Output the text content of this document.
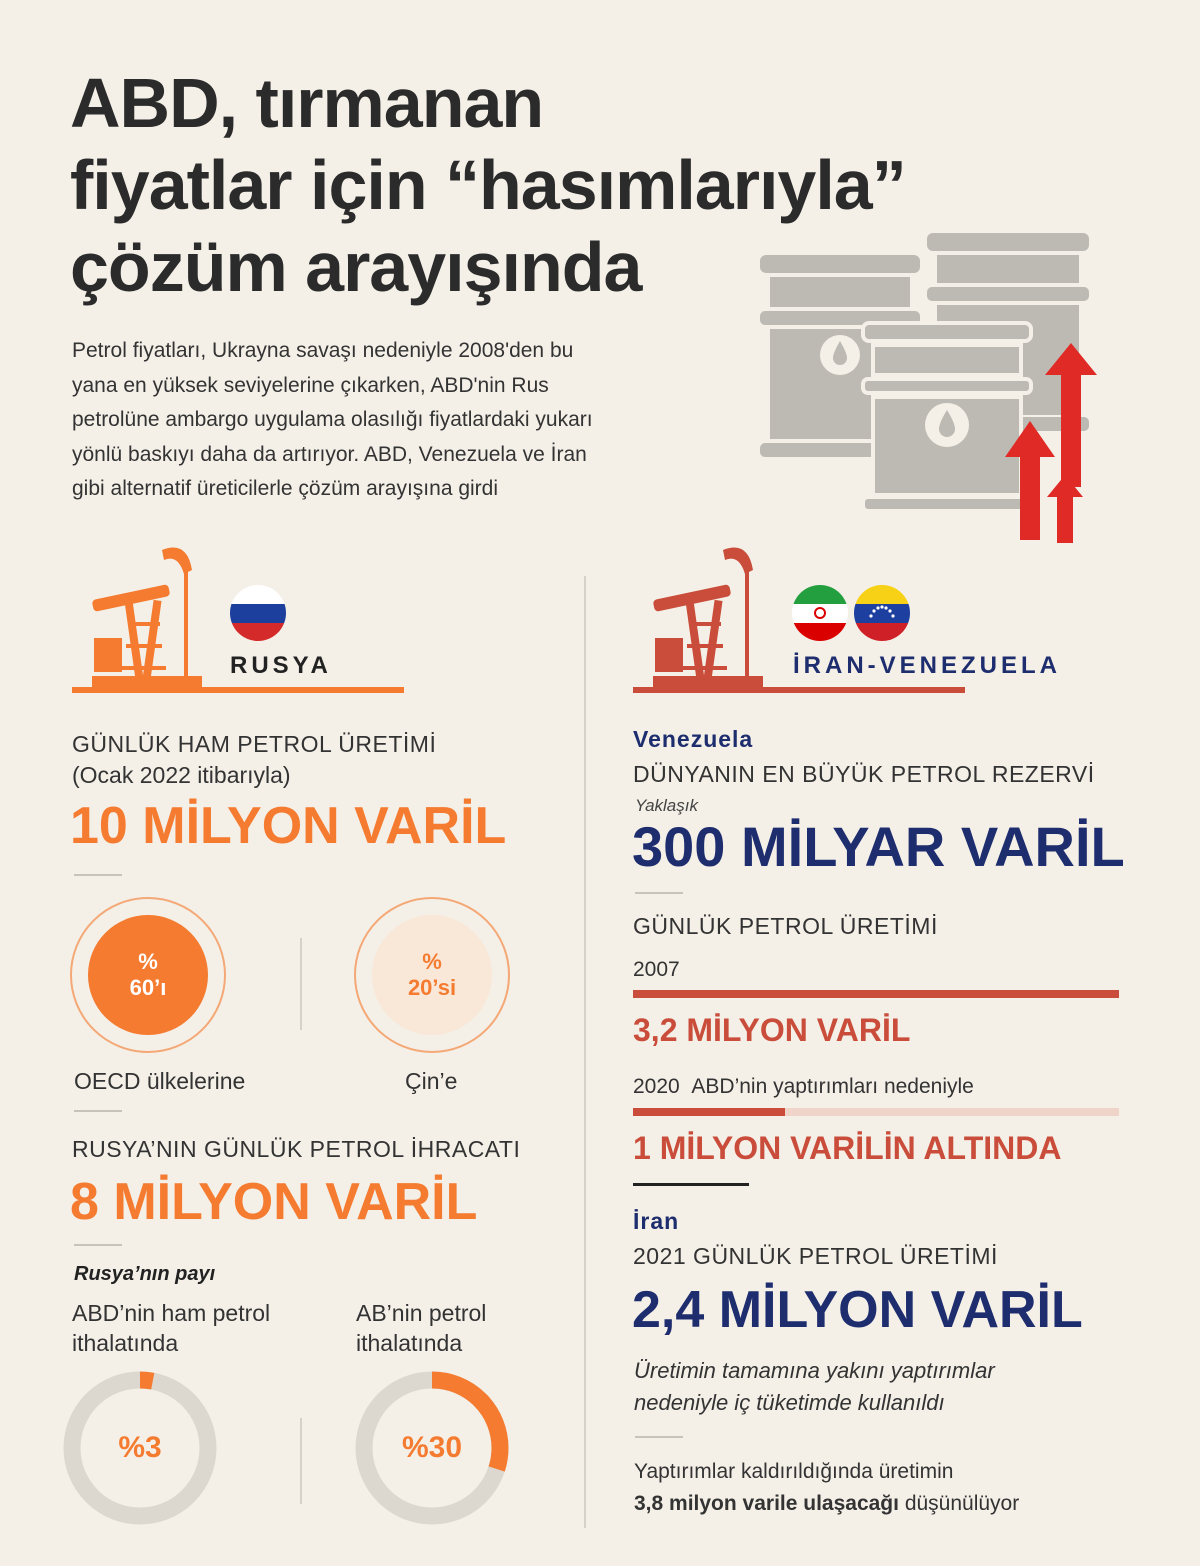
ABD, tırmanan
fiyatlar için “hasımlarıyla”
çözüm arayışında
Petrol fiyatları, Ukrayna savaşı nedeniyle 2008'den bu
yana en yüksek seviyelerine çıkarken, ABD'nin Rus
petrolüne ambargo uygulama olasılığı fiyatlardaki yukarı
yönlü baskıyı daha da artırıyor. ABD, Venezuela ve İran
gibi alternatif üreticilerle çözüm arayışına girdi
RUSYA
GÜNLÜK HAM PETROL ÜRETİMİ
(Ocak 2022 itibarıyla)
10 MİLYON VARİL
%
60’ı
%
20’si
OECD ülkelerine	Çin’e
RUSYA’NIN GÜNLÜK PETROL İHRACATI
8 MİLYON VARİL
Rusya’nın payı
ABD’nin ham petrol
ithalatında
AB’nin petrol
ithalatında
%3	%30
İRAN-VENEZUELA
Venezuela
DÜNYANIN EN BÜYÜK PETROL REZERVİ
Yaklaşık
300 MİLYAR VARİL
GÜNLÜK PETROL ÜRETİMİ
2007
3,2 MİLYON VARİL
2020 ABD’nin yaptırımları nedeniyle
1 MİLYON VARİLİN ALTINDA
İran
2021 GÜNLÜK PETROL ÜRETİMİ
2,4 MİLYON VARİL
Üretimin tamamına yakını yaptırımlar
nedeniyle iç tüketimde kullanıldı
Yaptırımlar kaldırıldığında üretimin
3,8 milyon varile ulaşacağı düşünülüyor
